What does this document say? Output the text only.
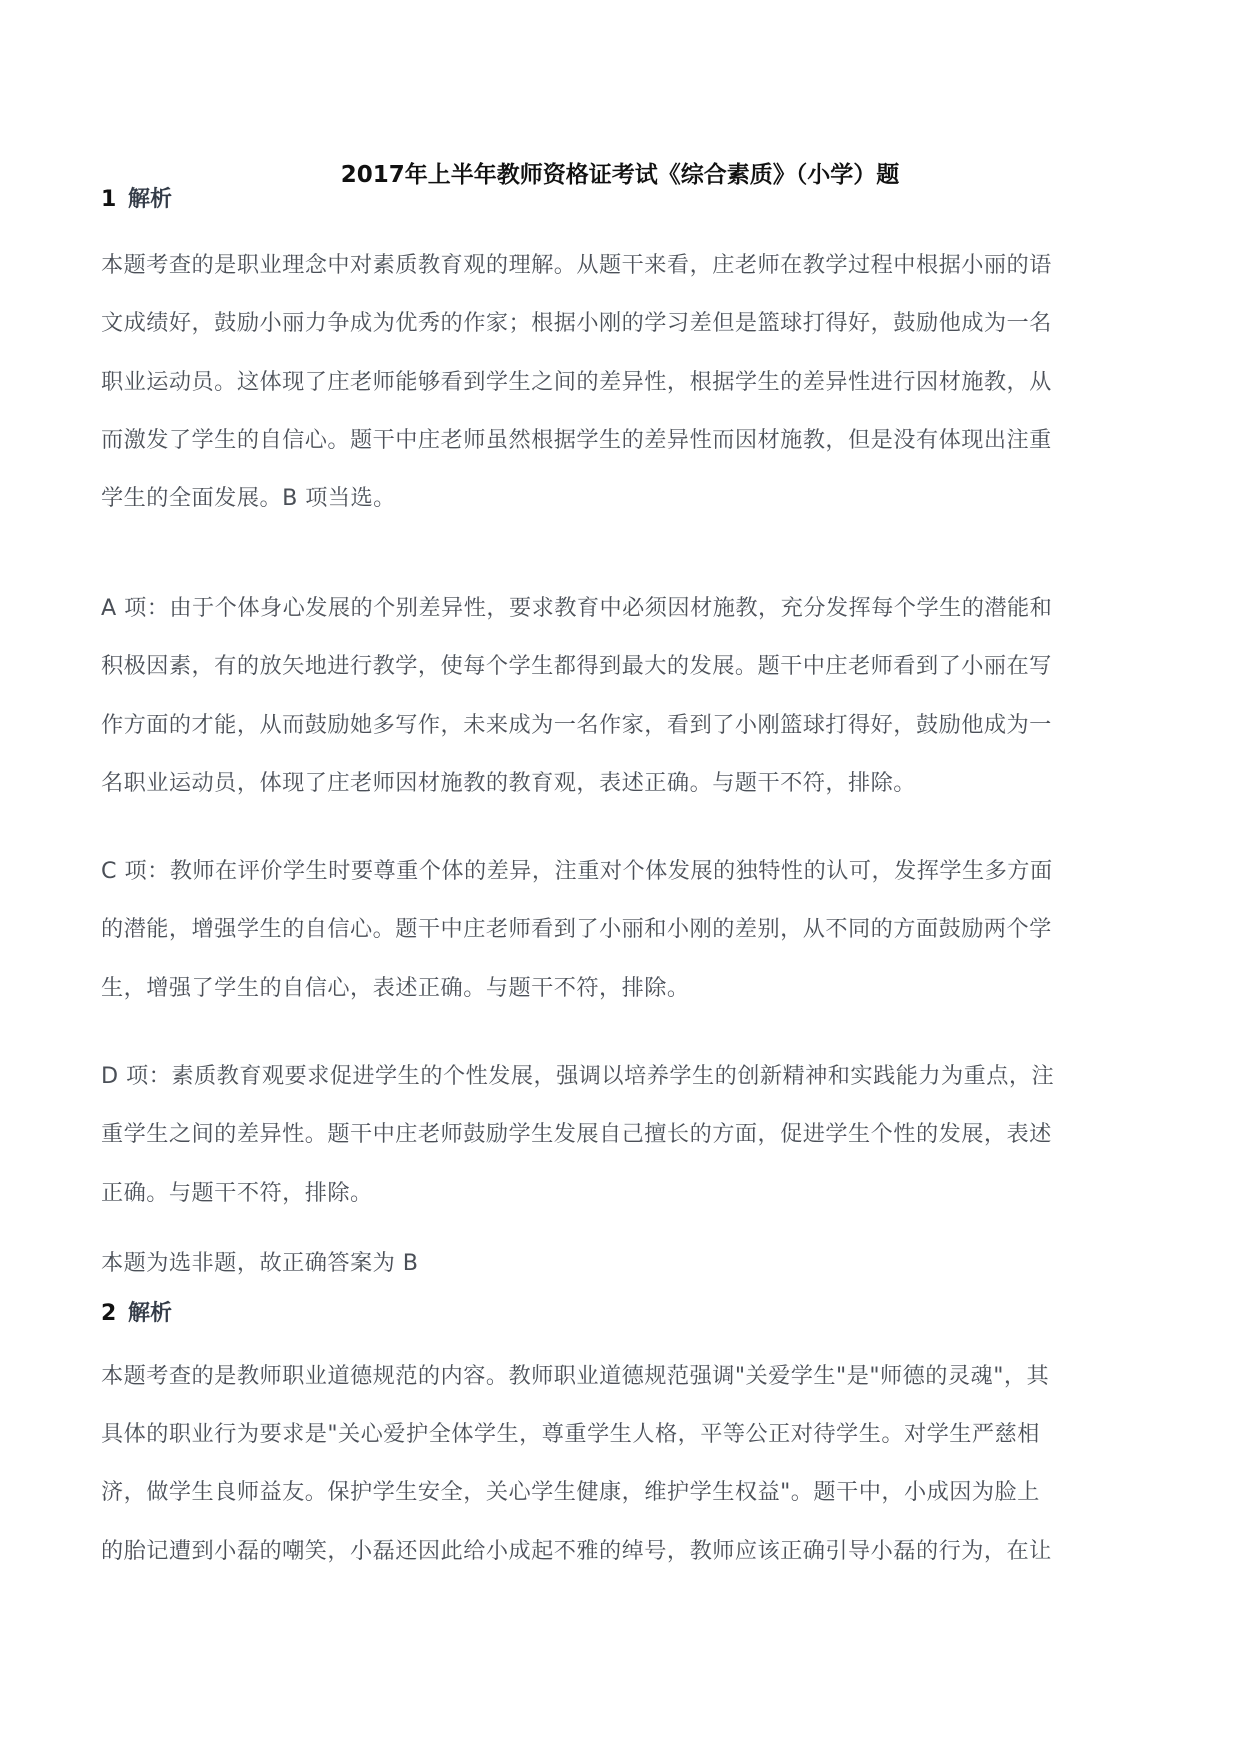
2017年上半年教师资格证考试《综合素质》（小学）题
1 解析
本题考查的是职业理念中对素质教育观的理解。从题干来看，庄老师在教学过程中根据小丽的语
文成绩好，鼓励小丽力争成为优秀的作家；根据小刚的学习差但是篮球打得好，鼓励他成为一名
职业运动员。这体现了庄老师能够看到学生之间的差异性，根据学生的差异性进行因材施教，从
而激发了学生的自信心。题干中庄老师虽然根据学生的差异性而因材施教，但是没有体现出注重
学生的全面发展。B 项当选。
A 项：由于个体身心发展的个别差异性，要求教育中必须因材施教，充分发挥每个学生的潜能和
积极因素，有的放矢地进行教学，使每个学生都得到最大的发展。题干中庄老师看到了小丽在写
作方面的才能，从而鼓励她多写作，未来成为一名作家，看到了小刚篮球打得好，鼓励他成为一
名职业运动员，体现了庄老师因材施教的教育观，表述正确。与题干不符，排除。
C 项：教师在评价学生时要尊重个体的差异，注重对个体发展的独特性的认可，发挥学生多方面
的潜能，增强学生的自信心。题干中庄老师看到了小丽和小刚的差别，从不同的方面鼓励两个学
生，增强了学生的自信心，表述正确。与题干不符，排除。
D 项：素质教育观要求促进学生的个性发展，强调以培养学生的创新精神和实践能力为重点，注
重学生之间的差异性。题干中庄老师鼓励学生发展自己擅长的方面，促进学生个性的发展，表述
正确。与题干不符，排除。
本题为选非题，故正确答案为 B
2 解析
本题考查的是教师职业道德规范的内容。教师职业道德规范强调"关爱学生"是"师德的灵魂"，其
具体的职业行为要求是"关心爱护全体学生，尊重学生人格，平等公正对待学生。对学生严慈相
济，做学生良师益友。保护学生安全，关心学生健康，维护学生权益"。题干中，小成因为脸上
的胎记遭到小磊的嘲笑，小磊还因此给小成起不雅的绰号，教师应该正确引导小磊的行为，在让
